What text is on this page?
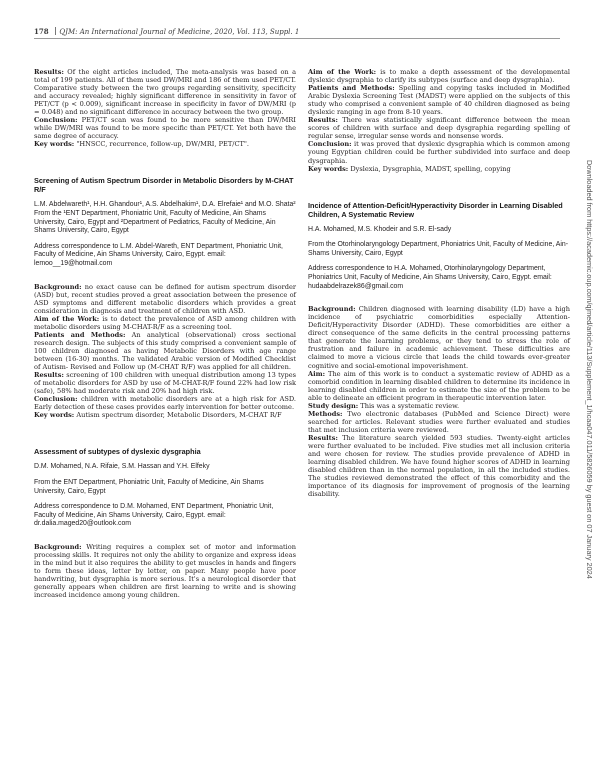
178 QJM: An International Journal of Medicine, 2020, Vol. 113, Suppl. 1
Downloaded from https://academic.oup.com/qjmed/article/113/Supplement_1/hcaa047.011/5826059 by guest on 07 January 2024

Results: Of the eight articles included, The meta-analysis was based on a total of 199 patients. All of them used DW/MRI and 186 of them used PET/CT. Comparative study between the two groups regarding sensitivity, specificity and accuracy revealed; highly significant difference in sensitivity in favor of PET/CT (p < 0.009), significant increase in specificity in favor of DW/MRI (p = 0.048) and no significant difference in accuracy between the two group.

Conclusion: PET/CT scan was found to be more sensitive than DW/MRI while DW/MRI was found to be more specific than PET/CT. Yet both have the same degree of accuracy.

Key words: "HNSCC, recurrence, follow-up, DW/MRI, PET/CT".

Screening of Autism Spectrum Disorder in Metabolic Disorders by M-CHAT R/F

L.M. Abdelwareth¹, H.H. Ghandour¹, A.S. Abdelhakim¹, D.A. Elrefaie¹ and M.O. Shata²

From the ¹ENT Department, Phoniatric Unit, Faculty of Medicine, Ain Shams University, Cairo, Egypt and ²Department of Pediatrics, Faculty of Medicine, Ain Shams University, Cairo, Egypt

Address correspondence to L.M. Abdel-Wareth, ENT Department, Phoniatric Unit, Faculty of Medicine, Ain Shams University, Cairo, Egypt. email: lemoo__19@hotmail.com

Background: no exact cause can be defined for autism spectrum disorder (ASD) but, recent studies proved a great association between the presence of ASD symptoms and different metabolic disorders which provides a great consideration in diagnosis and treatment of children with ASD.

Aim of the Work: is to detect the prevalence of ASD among children with metabolic disorders using M-CHAT-R/F as a screening tool.

Patients and Methods: An analytical (observational) cross sectional research design. The subjects of this study comprised a convenient sample of 100 children diagnosed as having Metabolic Disorders with age range between (16-30) months. The validated Arabic version of Modified Checklist of Autism- Revised and Follow up (M-CHAT R/F) was applied for all children.

Results: screening of 100 children with unequal distribution among 13 types of metabolic disorders for ASD by use of M-CHAT-R/F found 22% had low risk (safe), 58% had moderate risk and 20% had high risk.

Conclusion: children with metabolic disorders are at a high risk for ASD. Early detection of these cases provides early intervention for better outcome.

Key words: Autism spectrum disorder, Metabolic Disorders, M-CHAT R/F

Assessment of subtypes of dyslexic dysgraphia

D.M. Mohamed, N.A. Rifaie, S.M. Hassan and Y.H. Elfeky

From the ENT Department, Phoniatric Unit, Faculty of Medicine, Ain Shams University, Cairo, Egypt

Address correspondence to D.M. Mohamed, ENT Department, Phoniatric Unit, Faculty of Medicine, Ain Shams University, Cairo, Egypt. email: dr.dalia.maged20@outlook.com

Background: Writing requires a complex set of motor and information processing skills. It requires not only the ability to organize and express ideas in the mind but it also requires the ability to get muscles in hands and fingers to form these ideas, letter by letter, on paper. Many people have poor handwriting, but dysgraphia is more serious. It's a neurological disorder that generally appears when children are first learning to write and is showing increased incidence among young children.

Aim of the Work: is to make a depth assessment of the developmental dyslexic dysgraphia to clarify its subtypes (surface and deep dysgraphia).

Patients and Methods: Spelling and copying tasks included in Modified Arabic Dyslexia Screening Test (MADST) were applied on the subjects of this study who comprised a convenient sample of 40 children diagnosed as being dyslexic ranging in age from 8-10 years.

Results: There was statistically significant difference between the mean scores of children with surface and deep dysgraphia regarding spelling of regular sense, irregular sense words and nonsense words.

Conclusion: it was proved that dyslexic dysgraphia which is common among young Egyptian children could be further subdivided into surface and deep dysgraphia.

Key words: Dyslexia, Dysgraphia, MADST, spelling, copying

Incidence of Attention-Deficit/Hyperactivity Disorder in Learning Disabled Children, A Systematic Review

H.A. Mohamed, M.S. Khodeir and S.R. El-sady

From the Otorhinolaryngology Department, Phoniatrics Unit, Faculty of Medicine, Ain-Shams University, Cairo, Egypt

Address correspondence to H.A. Mohamed, Otorhinolaryngology Department, Phoniatrics Unit, Faculty of Medicine, Ain Shams University, Cairo, Egypt. email: hudaabdelrazek86@gmail.com

Background: Children diagnosed with learning disability (LD) have a high incidence of psychiatric comorbidities especially Attention-Deficit/Hyperactivity Disorder (ADHD). These comorbidities are either a direct consequence of the same deficits in the central processing patterns that generate the learning problems, or they tend to stress the role of frustration and failure in academic achievement. These difficulties are claimed to move a vicious circle that leads the child towards ever-greater cognitive and social-emotional impoverishment.

Aim: The aim of this work is to conduct a systematic review of ADHD as a comorbid condition in learning disabled children to determine its incidence in learning disabled children in order to estimate the size of the problem to be able to delineate an efficient program in therapeutic intervention later.

Study design: This was a systematic review.

Methods: Two electronic databases (PubMed and Science Direct) were searched for articles. Relevant studies were further evaluated and studies that met inclusion criteria were reviewed.

Results: The literature search yielded 593 studies. Twenty-eight articles were further evaluated to be included. Five studies met all inclusion criteria and were chosen for review. The studies provide prevalence of ADHD in learning disabled children. We have found higher scores of ADHD in learning disabled children than in the normal population, in all the included studies. The studies reviewed demonstrated the effect of this comorbidity and the importance of its diagnosis for improvement of prognosis of the learning disability.
